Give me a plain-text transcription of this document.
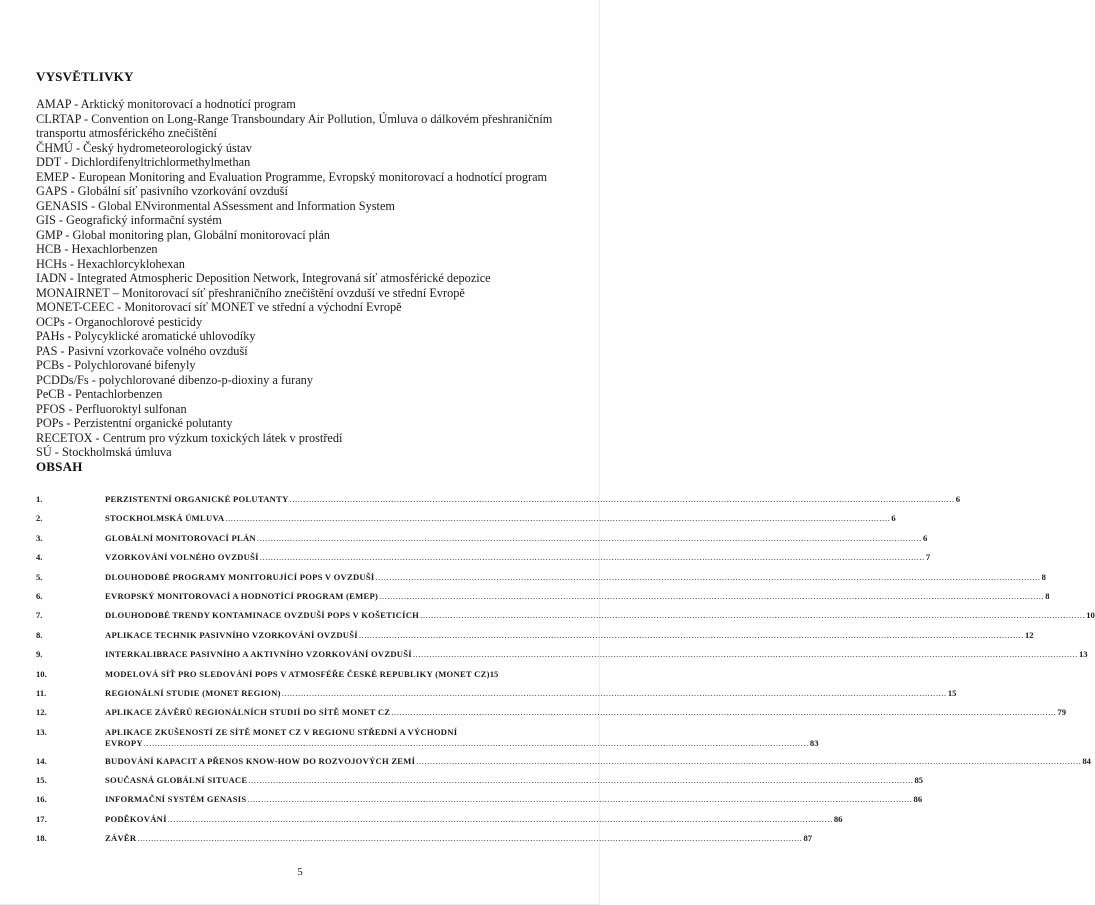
VYSVĚTLIVKY
AMAP - Arktický monitorovací a hodnotící program
CLRTAP - Convention on Long-Range Transboundary Air Pollution, Úmluva o dálkovém přeshraničním transportu atmosférického znečištění
ČHMÚ - Český hydrometeorologický ústav
DDT - Dichlordifenyltrichlormethylmethan
EMEP - European Monitoring and Evaluation Programme, Evropský monitorovací a hodnotící program
GAPS - Globální síť pasivního vzorkování ovzduší
GENASIS - Global ENvironmental ASsessment and Information System
GIS - Geografický informační systém
GMP - Global monitoring plan, Globální monitorovací plán
HCB - Hexachlorbenzen
HCHs - Hexachlorcyklohexan
IADN - Integrated Atmospheric Deposition Network, Integrovaná síť atmosférické depozice
MONAIRNET – Monitorovací síť přeshraničního znečištění ovzduší ve střední Evropě
MONET-CEEC - Monitorovací síť MONET ve střední a východní Evropě
OCPs - Organochlorové pesticidy
PAHs - Polycyklické aromatické uhlovodíky
PAS - Pasivní vzorkovače volného ovzduší
PCBs - Polychlorované bifenyly
PCDDs/Fs - polychlorované dibenzo-p-dioxiny a furany
PeCB - Pentachlorbenzen
PFOS - Perfluoroktyl sulfonan
POPs - Perzistentní organické polutanty
RECETOX - Centrum pro výzkum toxických látek v prostředí
SÚ - Stockholmská úmluva
OBSAH
1.	PERZISTENTNÍ ORGANICKÉ POLUTANTY .....	6
2.	STOCKHOLMSKÁ ÚMLUVA .....	6
3.	GLOBÁLNÍ MONITOROVACÍ PLÁN .....	6
4.	VZORKOVÁNÍ VOLNÉHO OVZDUŠÍ .....	7
5.	DLOUHODOBÉ PROGRAMY MONITORUJÍCÍ POPS V OVZDUŠÍ .....	8
6.	EVROPSKÝ MONITOROVACÍ A HODNOTÍCÍ PROGRAM (EMEP) .....	8
7.	DLOUHODOBÉ TRENDY KONTAMINACE OVZDUŠÍ POPS V KOŠETICÍCH .....	10
8.	APLIKACE TECHNIK PASIVNÍHO VZORKOVÁNÍ OVZDUŠÍ .....	12
9.	INTERKALIBRACE PASIVNÍHO A AKTIVNÍHO VZORKOVÁNÍ OVZDUŠÍ .....	13
10.	MODELOVÁ SÍŤ PRO SLEDOVÁNÍ POPS V ATMOSFÉŘE ČESKÉ REPUBLIKY (MONET CZ) 15
11.	REGIONÁLNÍ STUDIE (MONET REGION) .....	15
12.	APLIKACE ZÁVĚRŮ REGIONÁLNÍCH STUDIÍ DO SÍTĚ MONET CZ .....	79
13.	APLIKACE ZKUŠENOSTÍ ZE SÍTĚ MONET CZ V REGIONU STŘEDNÍ A VÝCHODNÍ
EVROPY .....	83
14.	BUDOVÁNÍ KAPACIT A PŘENOS KNOW-HOW DO ROZVOJOVÝCH ZEMÍ .....	84
15.	SOUČASNÁ GLOBÁLNÍ SITUACE .....	85
16.	INFORMAČNÍ SYSTÉM GENASIS .....	86
17.	PODĚKOVÁNÍ .....	86
18.	ZÁVĚR .....	87
5
